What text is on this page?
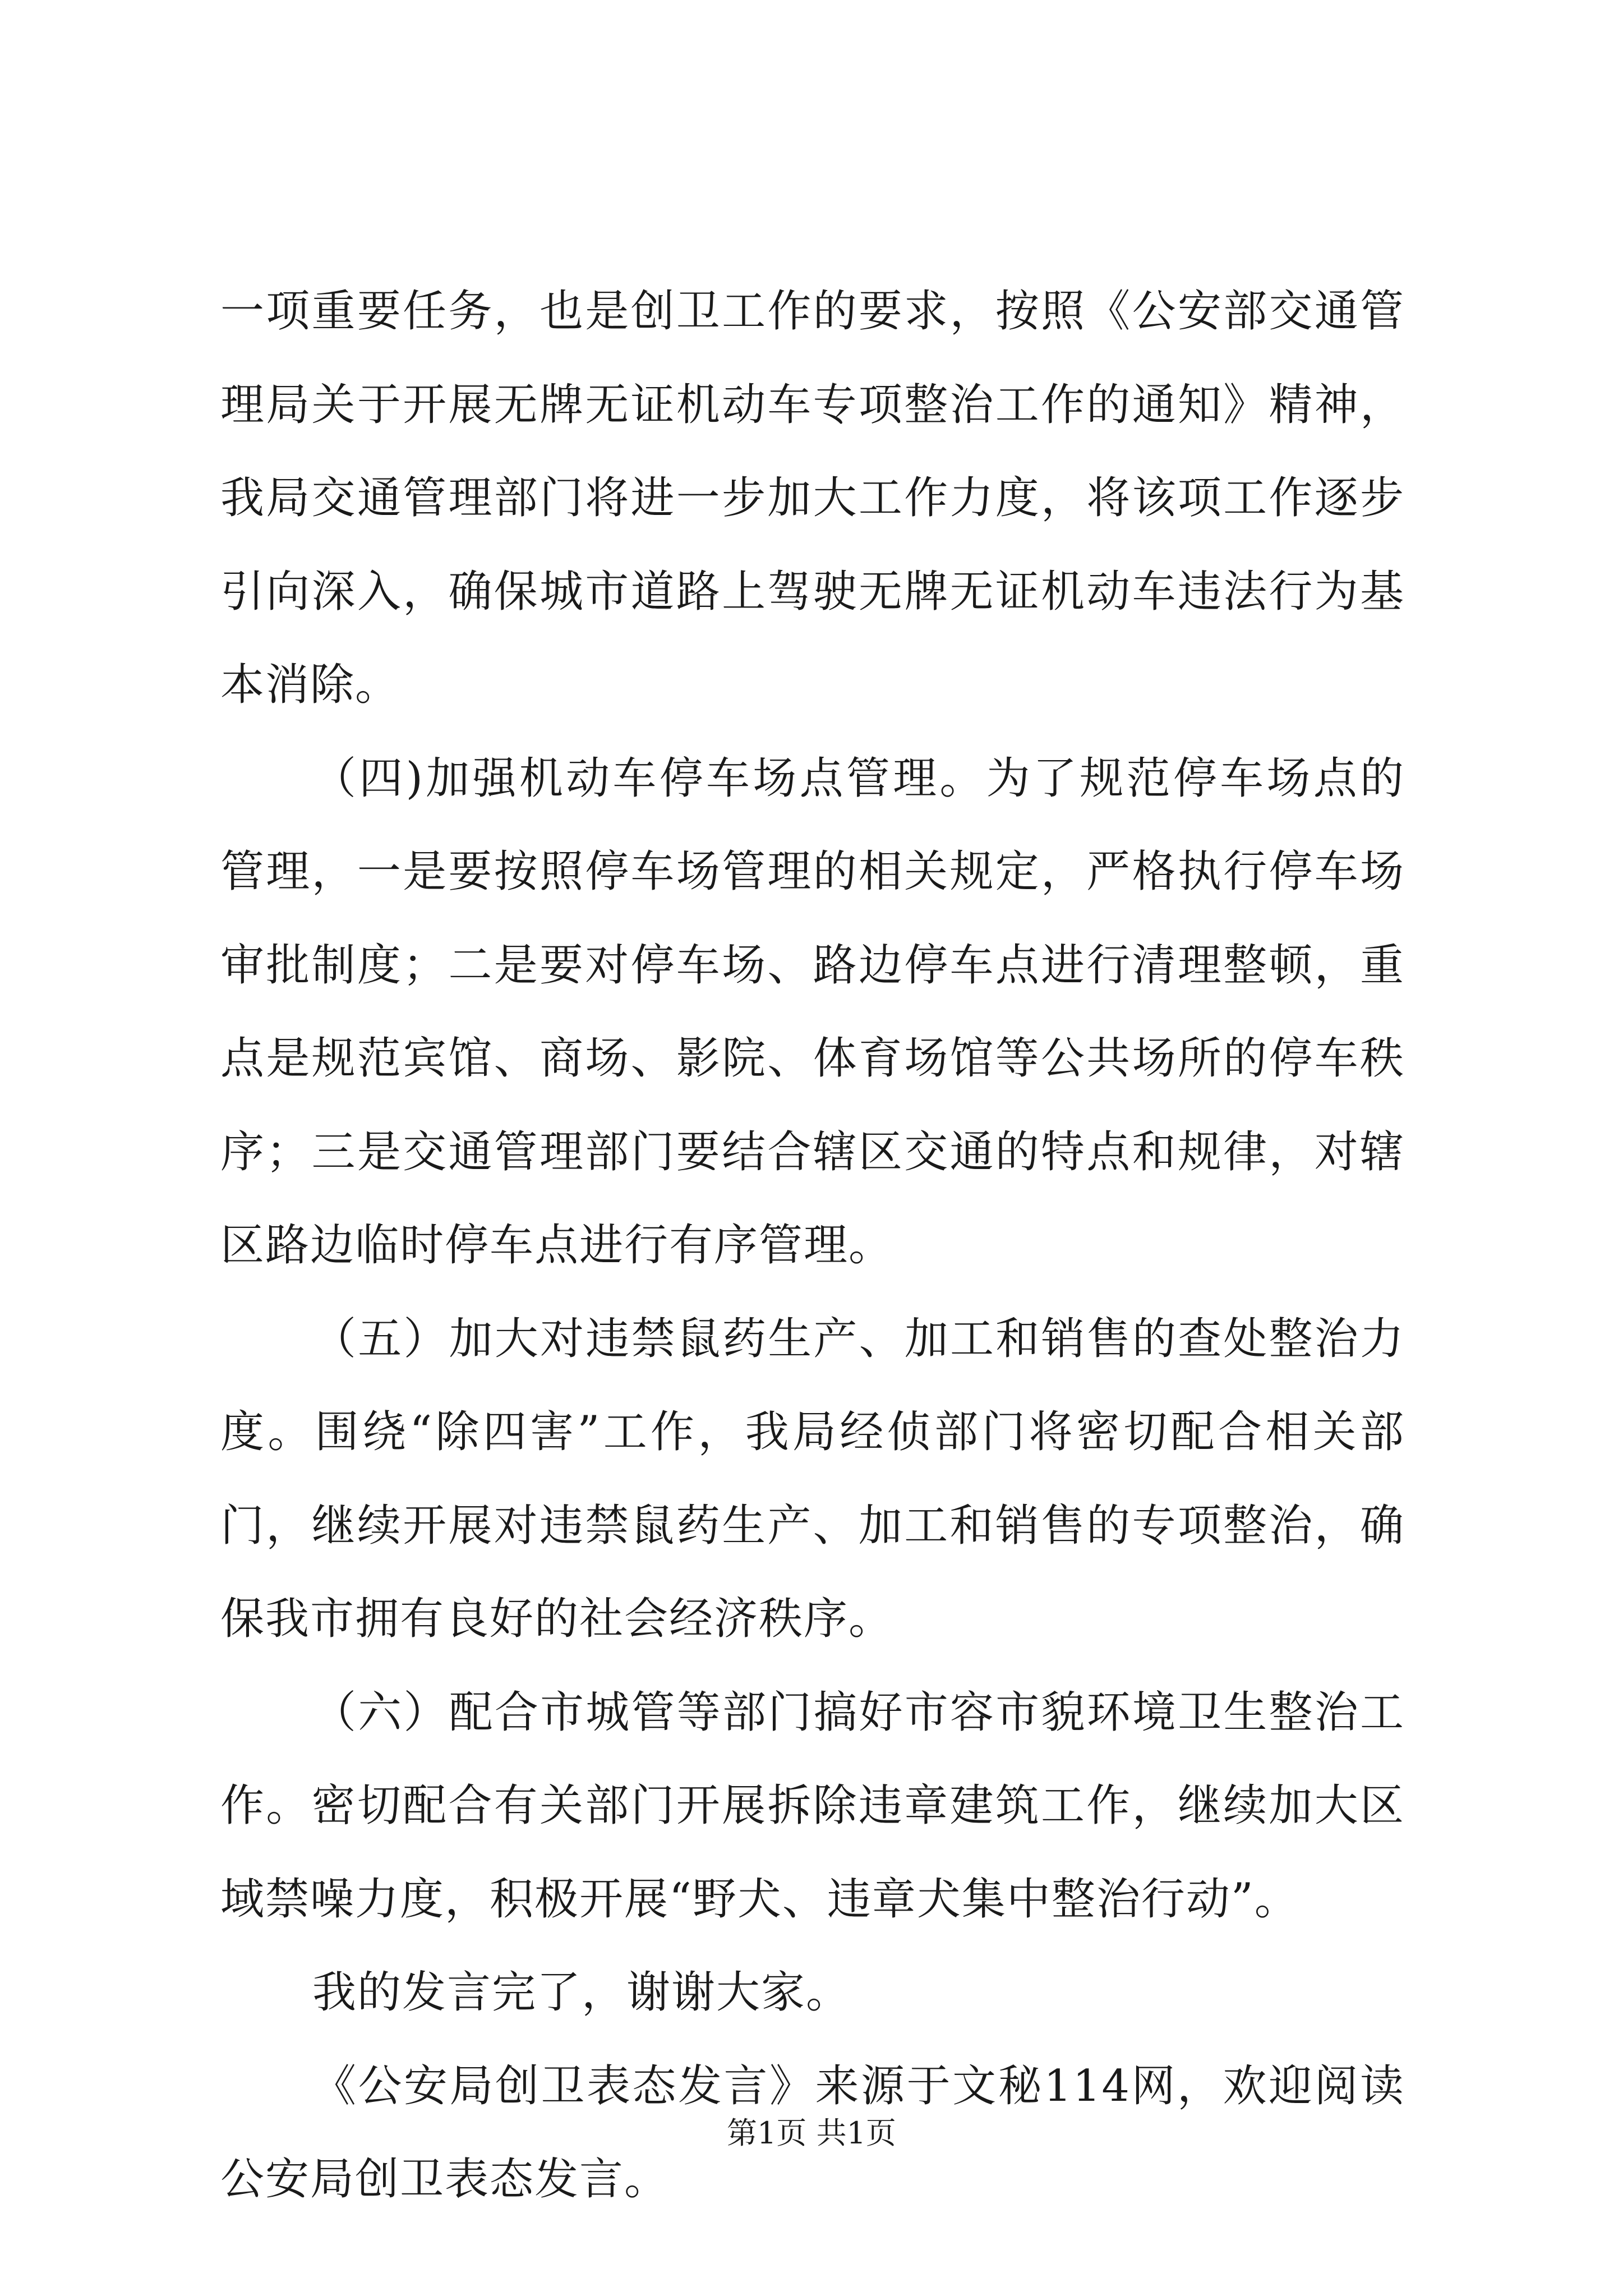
一项重要任务，也是创卫工作的要求，按照《公安部交通管理局关于开展无牌无证机动车专项整治工作的通知》精神，我局交通管理部门将进一步加大工作力度，将该项工作逐步引向深入，确保城市道路上驾驶无牌无证机动车违法行为基本消除。

（四)加强机动车停车场点管理。为了规范停车场点的管理，一是要按照停车场管理的相关规定，严格执行停车场审批制度；二是要对停车场、路边停车点进行清理整顿，重点是规范宾馆、商场、影院、体育场馆等公共场所的停车秩序；三是交通管理部门要结合辖区交通的特点和规律，对辖区路边临时停车点进行有序管理。

（五）加大对违禁鼠药生产、加工和销售的查处整治力度。围绕“除四害”工作，我局经侦部门将密切配合相关部门，继续开展对违禁鼠药生产、加工和销售的专项整治，确保我市拥有良好的社会经济秩序。

（六）配合市城管等部门搞好市容市貌环境卫生整治工作。密切配合有关部门开展拆除违章建筑工作，继续加大区域禁噪力度，积极开展“野犬、违章犬集中整治行动”。

我的发言完了，谢谢大家。

《公安局创卫表态发言》来源于文秘114网，欢迎阅读公安局创卫表态发言。

第1页 共1页
